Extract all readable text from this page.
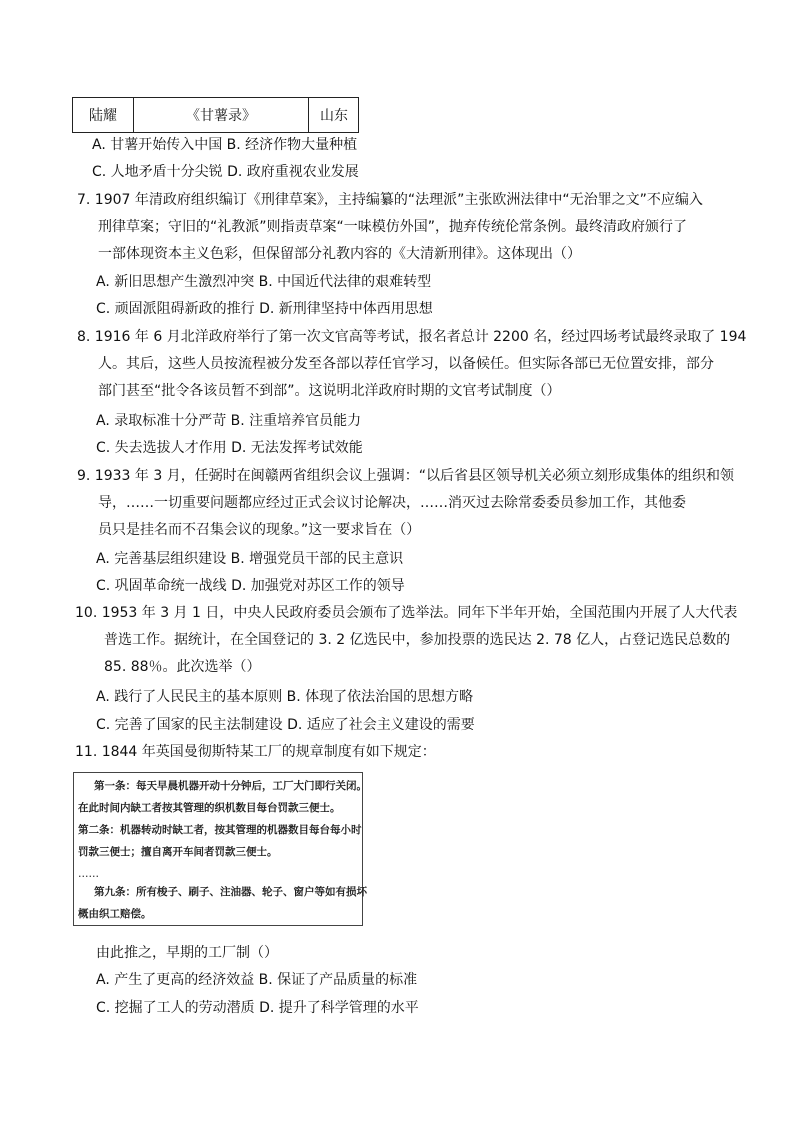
陆耀	《甘薯录》	山东
A. 甘薯开始传入中国 B. 经济作物大量种植
C. 人地矛盾十分尖锐 D. 政府重视农业发展
7. 1907 年清政府组织编订《刑律草案》，主持编纂的“法理派”主张欧洲法律中“无治罪之文”不应编入
刑律草案；守旧的“礼教派”则指责草案“一味模仿外国”，抛弃传统伦常条例。最终清政府颁行了
一部体现资本主义色彩，但保留部分礼教内容的《大清新刑律》。这体现出（）
A. 新旧思想产生激烈冲突 B. 中国近代法律的艰难转型
C. 顽固派阻碍新政的推行 D. 新刑律坚持中体西用思想
8. 1916 年 6 月北洋政府举行了第一次文官高等考试，报名者总计 2200 名，经过四场考试最终录取了 194
人。其后，这些人员按流程被分发至各部以荐任官学习，以备候任。但实际各部已无位置安排，部分
部门甚至“批令各该员暂不到部”。这说明北洋政府时期的文官考试制度（）
A. 录取标准十分严苛 B. 注重培养官员能力
C. 失去选拔人才作用 D. 无法发挥考试效能
9. 1933 年 3 月，任弼时在闽赣两省组织会议上强调：“以后省县区领导机关必须立刻形成集体的组织和领
导，……一切重要问题都应经过正式会议讨论解决，……消灭过去除常委委员参加工作，其他委
员只是挂名而不召集会议的现象。”这一要求旨在（）
A. 完善基层组织建设 B. 增强党员干部的民主意识
C. 巩固革命统一战线 D. 加强党对苏区工作的领导
10. 1953 年 3 月 1 日，中央人民政府委员会颁布了选举法。同年下半年开始，全国范围内开展了人大代表
普选工作。据统计，在全国登记的 3. 2 亿选民中，参加投票的选民达 2. 78 亿人，占登记选民总数的
85. 88％。此次选举（）
A. 践行了人民民主的基本原则 B. 体现了依法治国的思想方略
C. 完善了国家的民主法制建设 D. 适应了社会主义建设的需要
11. 1844 年英国曼彻斯特某工厂的规章制度有如下规定：
第一条：每天早晨机器开动十分钟后，工厂大门即行关闭。
在此时间内缺工者按其管理的织机数目每台罚款三便士。
第二条：机器转动时缺工者，按其管理的机器数目每台每小时
罚款三便士；擅自离开车间者罚款三便士。
……
第九条：所有梭子、刷子、注油器、轮子、窗户等如有损坏
概由织工赔偿。
由此推之，早期的工厂制（）
A. 产生了更高的经济效益 B. 保证了产品质量的标准
C. 挖掘了工人的劳动潜质 D. 提升了科学管理的水平
